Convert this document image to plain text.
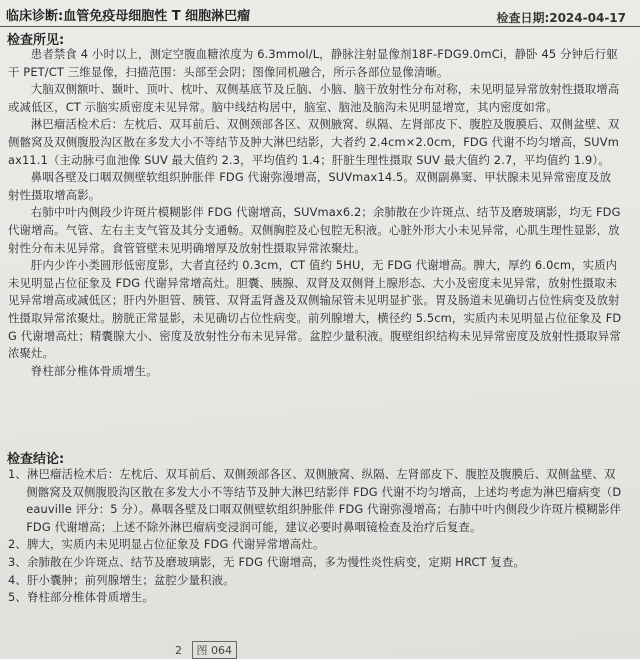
临床诊断:血管免疫母细胞性 T 细胞淋巴瘤	检查日期:2024-04-17
检查所见:

患者禁食 4 小时以上，测定空腹血糖浓度为 6.3mmol/L，静脉注射显像剂18F-FDG9.0mCi，静卧 45 分钟后行躯干 PET/CT 三维显像，扫描范围：头部至会阴；图像同机融合，所示各部位显像清晰。

大脑双侧额叶、颞叶、顶叶、枕叶、双侧基底节及丘脑、小脑、脑干放射性分布对称，未见明显异常放射性摄取增高或减低区，CT 示脑实质密度未见异常。脑中线结构居中，脑室、脑池及脑沟未见明显增宽，其内密度如常。

淋巴瘤活检术后：左枕后、双耳前后、双侧颈部各区、双侧腋窝、纵隔、左肾部皮下、腹腔及腹膜后、双侧盆壁、双侧髂窝及双侧腹股沟区散在多发大小不等结节及肿大淋巴结影，大者约 2.4cm×2.0cm，FDG 代谢不均匀增高，SUVmax11.1（主动脉弓血池像 SUV 最大值约 2.3，平均值约 1.4；肝脏生理性摄取 SUV 最大值约 2.7，平均值约 1.9）。

鼻咽各壁及口咽双侧壁软组织肿胀伴 FDG 代谢弥漫增高，SUVmax14.5。双侧副鼻窦、甲状腺未见异常密度及放射性摄取增高影。

右肺中叶内侧段少许斑片模糊影伴 FDG 代谢增高，SUVmax6.2；余肺散在少许斑点、结节及磨玻璃影，均无 FDG 代谢增高。气管、左右主支气管及其分支通畅。双侧胸腔及心包腔无积液。心脏外形大小未见异常，心肌生理性显影，放射性分布未见异常。食管管壁未见明确增厚及放射性摄取异常浓聚灶。

肝内少许小类圆形低密度影，大者直径约 0.3cm，CT 值约 5HU，无 FDG 代谢增高。脾大，厚约 6.0cm，实质内未见明显占位征象及 FDG 代谢异常增高灶。胆囊、胰腺、双肾及双侧肾上腺形态、大小及密度未见异常，放射性摄取未见异常增高或减低区；肝内外胆管、胰管、双肾盂肾盏及双侧输尿管未见明显扩张。胃及肠道未见确切占位性病变及放射性摄取异常浓聚灶。膀胱正常显影，未见确切占位性病变。前列腺增大，横径约 5.5cm，实质内未见明显占位征象及 FDG 代谢增高灶；精囊腺大小、密度及放射性分布未见异常。盆腔少量积液。腹壁组织结构未见异常密度及放射性摄取异常浓聚灶。

脊柱部分椎体骨质增生。

检查结论:
1、淋巴瘤活检术后：左枕后、双耳前后、双侧颈部各区、双侧腋窝、纵隔、左肾部皮下、腹腔及腹膜后、双侧盆壁、双侧髂窝及双侧腹股沟区散在多发大小不等结节及肿大淋巴结影伴 FDG 代谢不均匀增高，上述均考虑为淋巴瘤病变（Deauville 评分：5 分）。鼻咽各壁及口咽双侧壁软组织肿胀伴 FDG 代谢弥漫增高；右肺中叶内侧段少许斑片模糊影伴 FDG 代谢增高；上述不除外淋巴瘤病变浸润可能，建议必要时鼻咽镜检查及治疗后复查。
2、脾大，实质内未见明显占位征象及 FDG 代谢异常增高灶。
3、余肺散在少许斑点、结节及磨玻璃影，无 FDG 代谢增高，多为慢性炎性病变，定期 HRCT 复查。
4、肝小囊肿；前列腺增生；盆腔少量积液。
5、脊柱部分椎体骨质增生。
2 图 064
